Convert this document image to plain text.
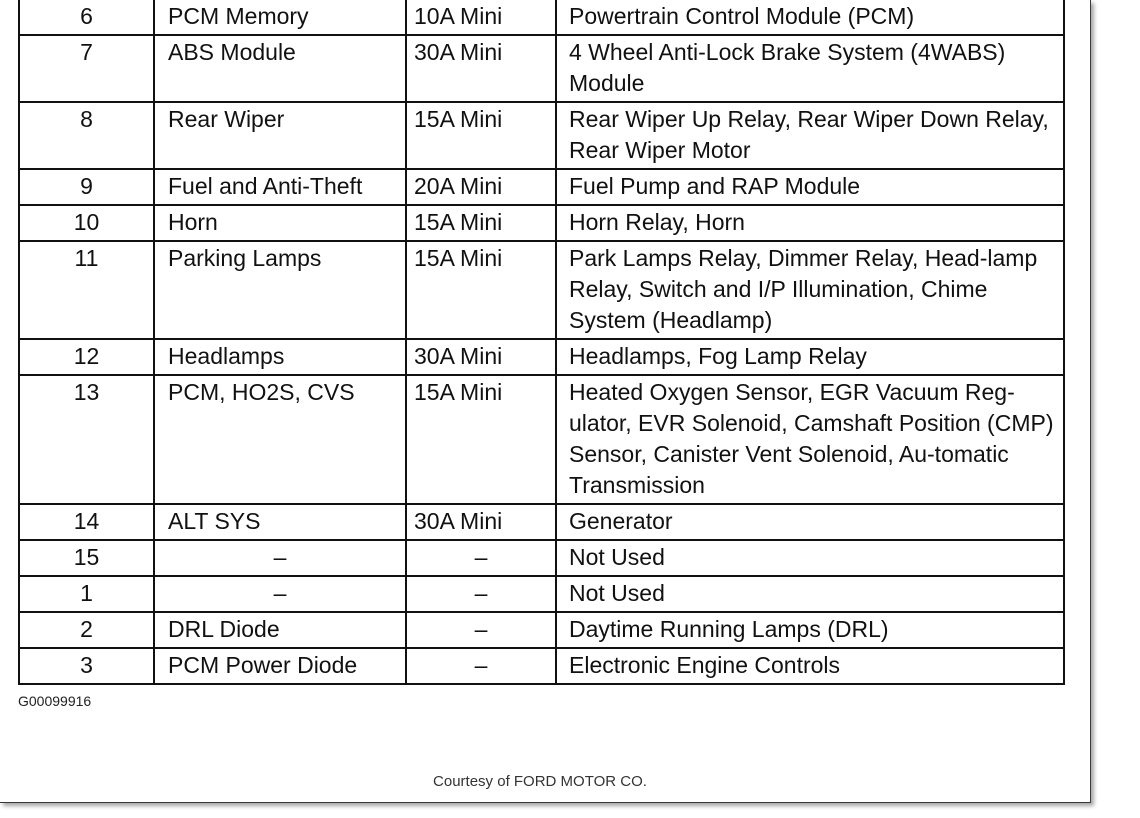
6	PCM Memory	10A Mini	Powertrain Control Module (PCM)
7	ABS Module	30A Mini	4 Wheel Anti-Lock Brake System (4WABS) Module
8	Rear Wiper	15A Mini	Rear Wiper Up Relay, Rear Wiper Down Relay, Rear Wiper Motor
9	Fuel and Anti-Theft	20A Mini	Fuel Pump and RAP Module
10	Horn	15A Mini	Horn Relay, Horn
11	Parking Lamps	15A Mini	Park Lamps Relay, Dimmer Relay, Head-lamp Relay, Switch and I/P Illumination, Chime System (Headlamp)
12	Headlamps	30A Mini	Headlamps, Fog Lamp Relay
13	PCM, HO2S, CVS	15A Mini	Heated Oxygen Sensor, EGR Vacuum Reg-ulator, EVR Solenoid, Camshaft Position (CMP) Sensor, Canister Vent Solenoid, Au-tomatic Transmission
14	ALT SYS	30A Mini	Generator
15	–	–	Not Used
1	–	–	Not Used
2	DRL Diode	–	Daytime Running Lamps (DRL)
3	PCM Power Diode	–	Electronic Engine Controls
G00099916
Courtesy of FORD MOTOR CO.
